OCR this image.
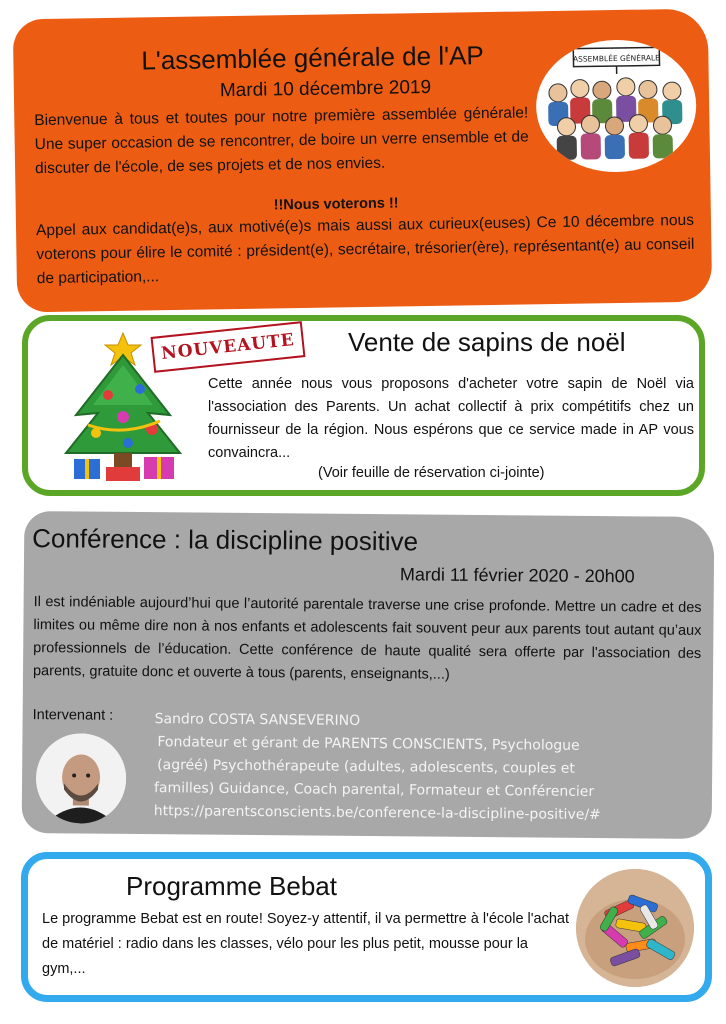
L'assemblée générale de l'AP
Mardi 10 décembre 2019
Bienvenue à tous et toutes pour notre première assemblée générale! Une super occasion de se rencontrer, de boire un verre ensemble et de discuter de l'école, de ses projets et de nos envies.
!!Nous voterons !!
Appel aux candidat(e)s, aux motivé(e)s mais aussi aux curieux(euses) Ce 10 décembre nous voterons pour élire le comité : président(e), secrétaire, trésorier(ère), représentant(e) au conseil de participation,...
ASSEMBLÉE GÉNÉRALE
NOUVEAUTE	Vente de sapins de noël
Cette année nous vous proposons d'acheter votre sapin de Noël via l'association des Parents. Un achat collectif à prix compétitifs chez un fournisseur de la région. Nous espérons que ce service made in AP vous convaincra...
(Voir feuille de réservation ci-jointe)
Conférence : la discipline positive
Mardi 11 février 2020 - 20h00
Il est indéniable aujourd’hui que l’autorité parentale traverse une crise profonde. Mettre un cadre et des limites ou même dire non à nos enfants et adolescents fait souvent peur aux parents tout autant qu’aux professionnels de l’éducation. Cette conférence de haute qualité sera offerte par l'association des parents, gratuite donc et ouverte à tous (parents, enseignants,...)
Intervenant :	Sandro COSTA SANSEVERINO
Fondateur et gérant de PARENTS CONSCIENTS, Psychologue
(agréé) Psychothérapeute (adultes, adolescents, couples et
familles) Guidance, Coach parental, Formateur et Conférencier
https://parentsconscients.be/conference-la-discipline-positive/#
Programme Bebat
Le programme Bebat est en route! Soyez-y attentif, il va permettre à l'école l'achat de matériel : radio dans les classes, vélo pour les plus petit, mousse pour la gym,...
